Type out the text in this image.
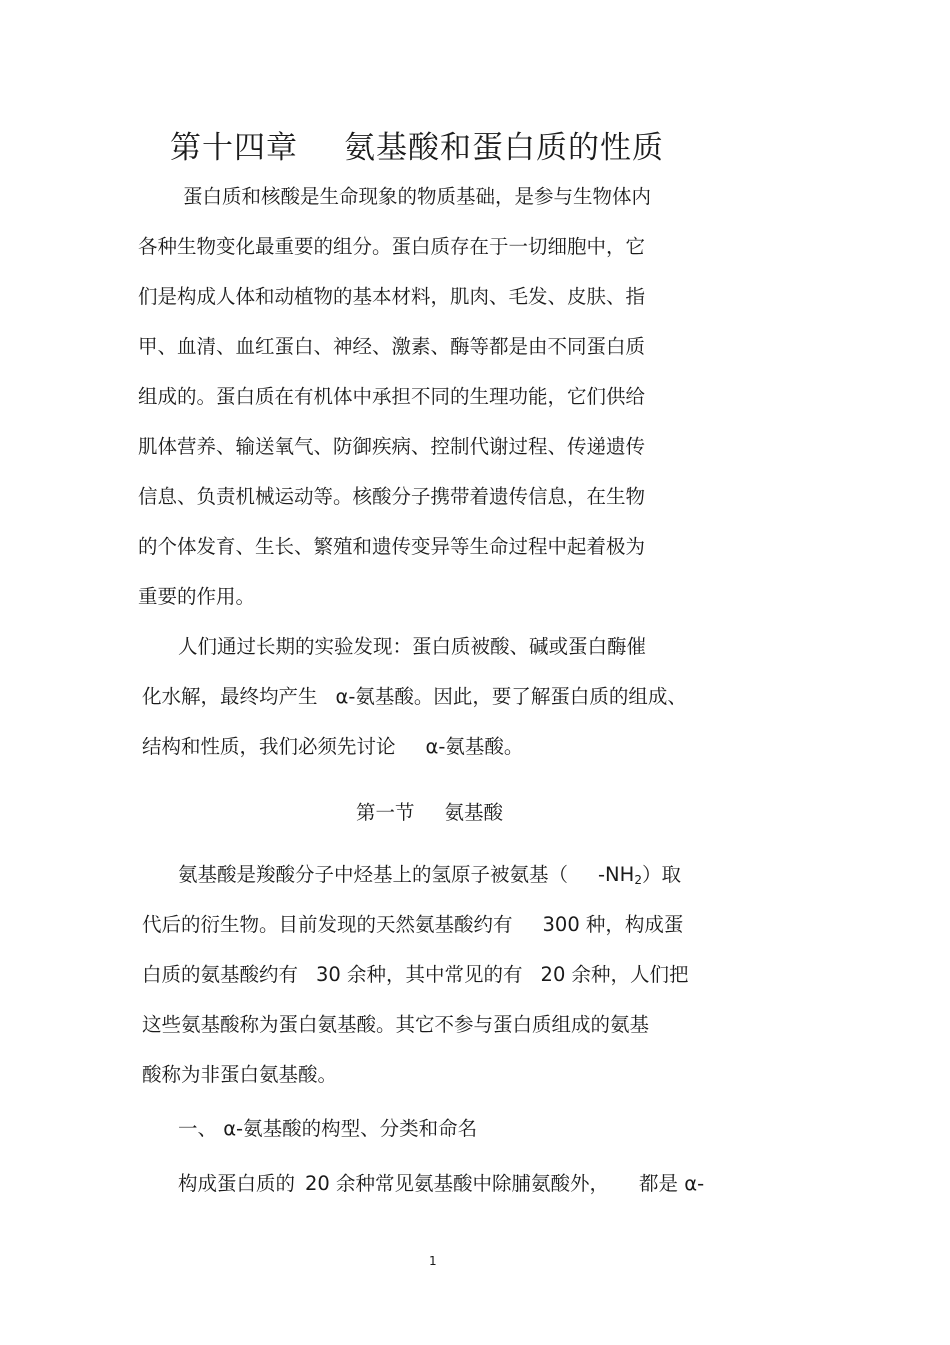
第十四章 氨基酸和蛋白质的性质

蛋白质和核酸是生命现象的物质基础，是参与生物体内

各种生物变化最重要的组分。蛋白质存在于一切细胞中，它

们是构成人体和动植物的基本材料，肌肉、毛发、皮肤、指

甲、血清、血红蛋白、神经、激素、酶等都是由不同蛋白质

组成的。蛋白质在有机体中承担不同的生理功能，它们供给

肌体营养、输送氧气、防御疾病、控制代谢过程、传递遗传

信息、负责机械运动等。核酸分子携带着遗传信息，在生物

的个体发育、生长、繁殖和遗传变异等生命过程中起着极为

重要的作用。

人们通过长期的实验发现：蛋白质被酸、碱或蛋白酶催

化水解，最终均产生 α-氨基酸。因此，要了解蛋白质的组成、

结构和性质，我们必须先讨论 α-氨基酸。

第一节 氨基酸

氨基酸是羧酸分子中烃基上的氢原子被氨基（ $-NH_2$）取

代后的衍生物。目前发现的天然氨基酸约有 300 种，构成蛋

白质的氨基酸约有 30 余种，其中常见的有 20 余种，人们把

这些氨基酸称为蛋白氨基酸。其它不参与蛋白质组成的氨基

酸称为非蛋白氨基酸。

一、 α-氨基酸的构型、分类和命名

构成蛋白质的 20 余种常见氨基酸中除脯氨酸外， 都是 α-

1
